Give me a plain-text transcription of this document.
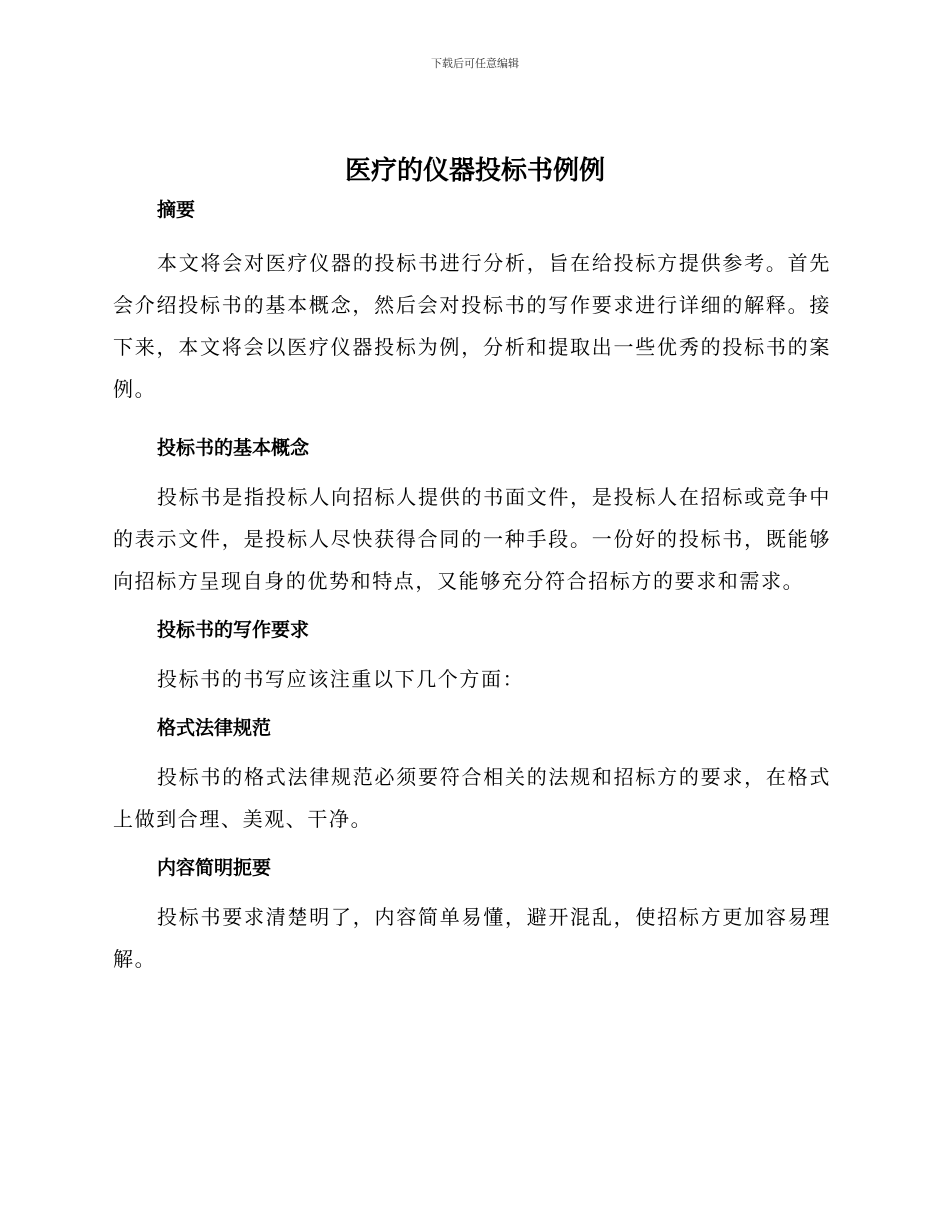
下载后可任意编辑
医疗的仪器投标书例例
摘要

本文将会对医疗仪器的投标书进行分析，旨在给投标方提供参考。首先会介绍投标书的基本概念，然后会对投标书的写作要求进行详细的解释。接下来，本文将会以医疗仪器投标为例，分析和提取出一些优秀的投标书的案例。

投标书的基本概念

投标书是指投标人向招标人提供的书面文件，是投标人在招标或竞争中的表示文件，是投标人尽快获得合同的一种手段。一份好的投标书，既能够向招标方呈现自身的优势和特点，又能够充分符合招标方的要求和需求。

投标书的写作要求

投标书的书写应该注重以下几个方面：

格式法律规范

投标书的格式法律规范必须要符合相关的法规和招标方的要求，在格式上做到合理、美观、干净。

内容简明扼要

投标书要求清楚明了，内容简单易懂，避开混乱，使招标方更加容易理解。
